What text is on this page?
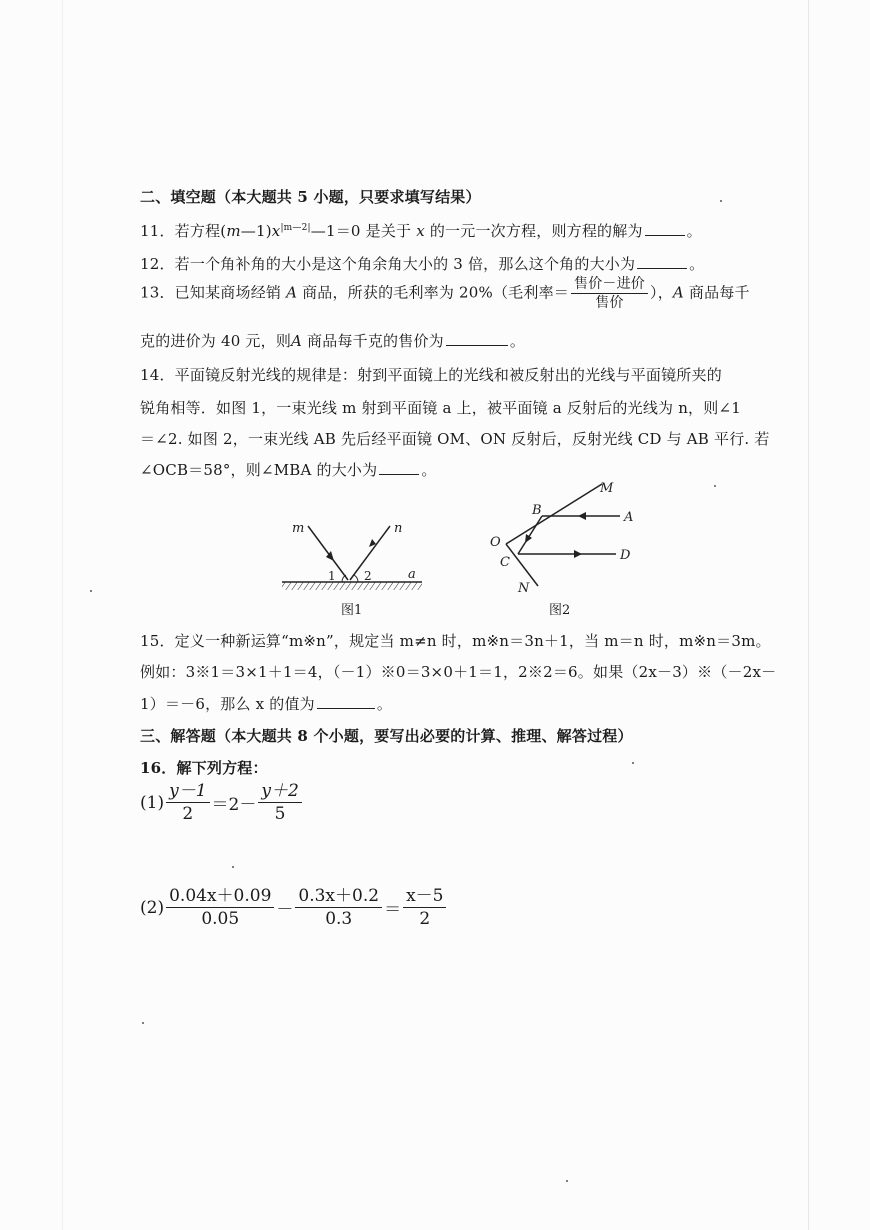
二、填空题（本大题共 5 小题，只要求填写结果）
11．若方程$(m—1)x^{|m—2|}—1=0$ 是关于 x 的一元一次方程，则方程的解为	。
12．若一个角补角的大小是这个角余角大小的 3 倍，那么这个角的大小为	。
13．已知某商场经销 A 商品，所获的毛利率为 20%（毛利率＝ $\frac{\text{售价－进价}}{\text{售价}}$ ），A 商品每千
克的进价为 40 元，则A 商品每千克的售价为	。
14．平面镜反射光线的规律是：射到平面镜上的光线和被反射出的光线与平面镜所夹的
锐角相等．如图 1，一束光线 m 射到平面镜 a 上，被平面镜 a 反射后的光线为 n，则∠1
＝∠2. 如图 2，一束光线 AB 先后经平面镜 OM、ON 反射后，反射光线 CD 与 AB 平行. 若
∠OCB＝58°，则∠MBA 的大小为	。
m	n
1 2	a
图1
M
B	A
O
C	D
N
图2
15．定义一种新运算“m※n”，规定当 m≠n 时，m※n＝3n＋1，当 m＝n 时，m※n＝3m。
例如：3※1＝3×1＋1＝4，（－1）※0＝3×0＋1＝1，2※2＝6。如果（2x－3）※（－2x－
1）＝－6，那么 x 的值为	。
三、解答题（本大题共 8 个小题，要写出必要的计算、推理、解答过程）
16．解下列方程：
$(1) \frac{y-1}{2} =2- \frac{y+2}{5}$
$(2) \frac{0.04x+0.09}{0.05} - \frac{0.3x+0.2}{0.3} = \frac{x-5}{2}$
